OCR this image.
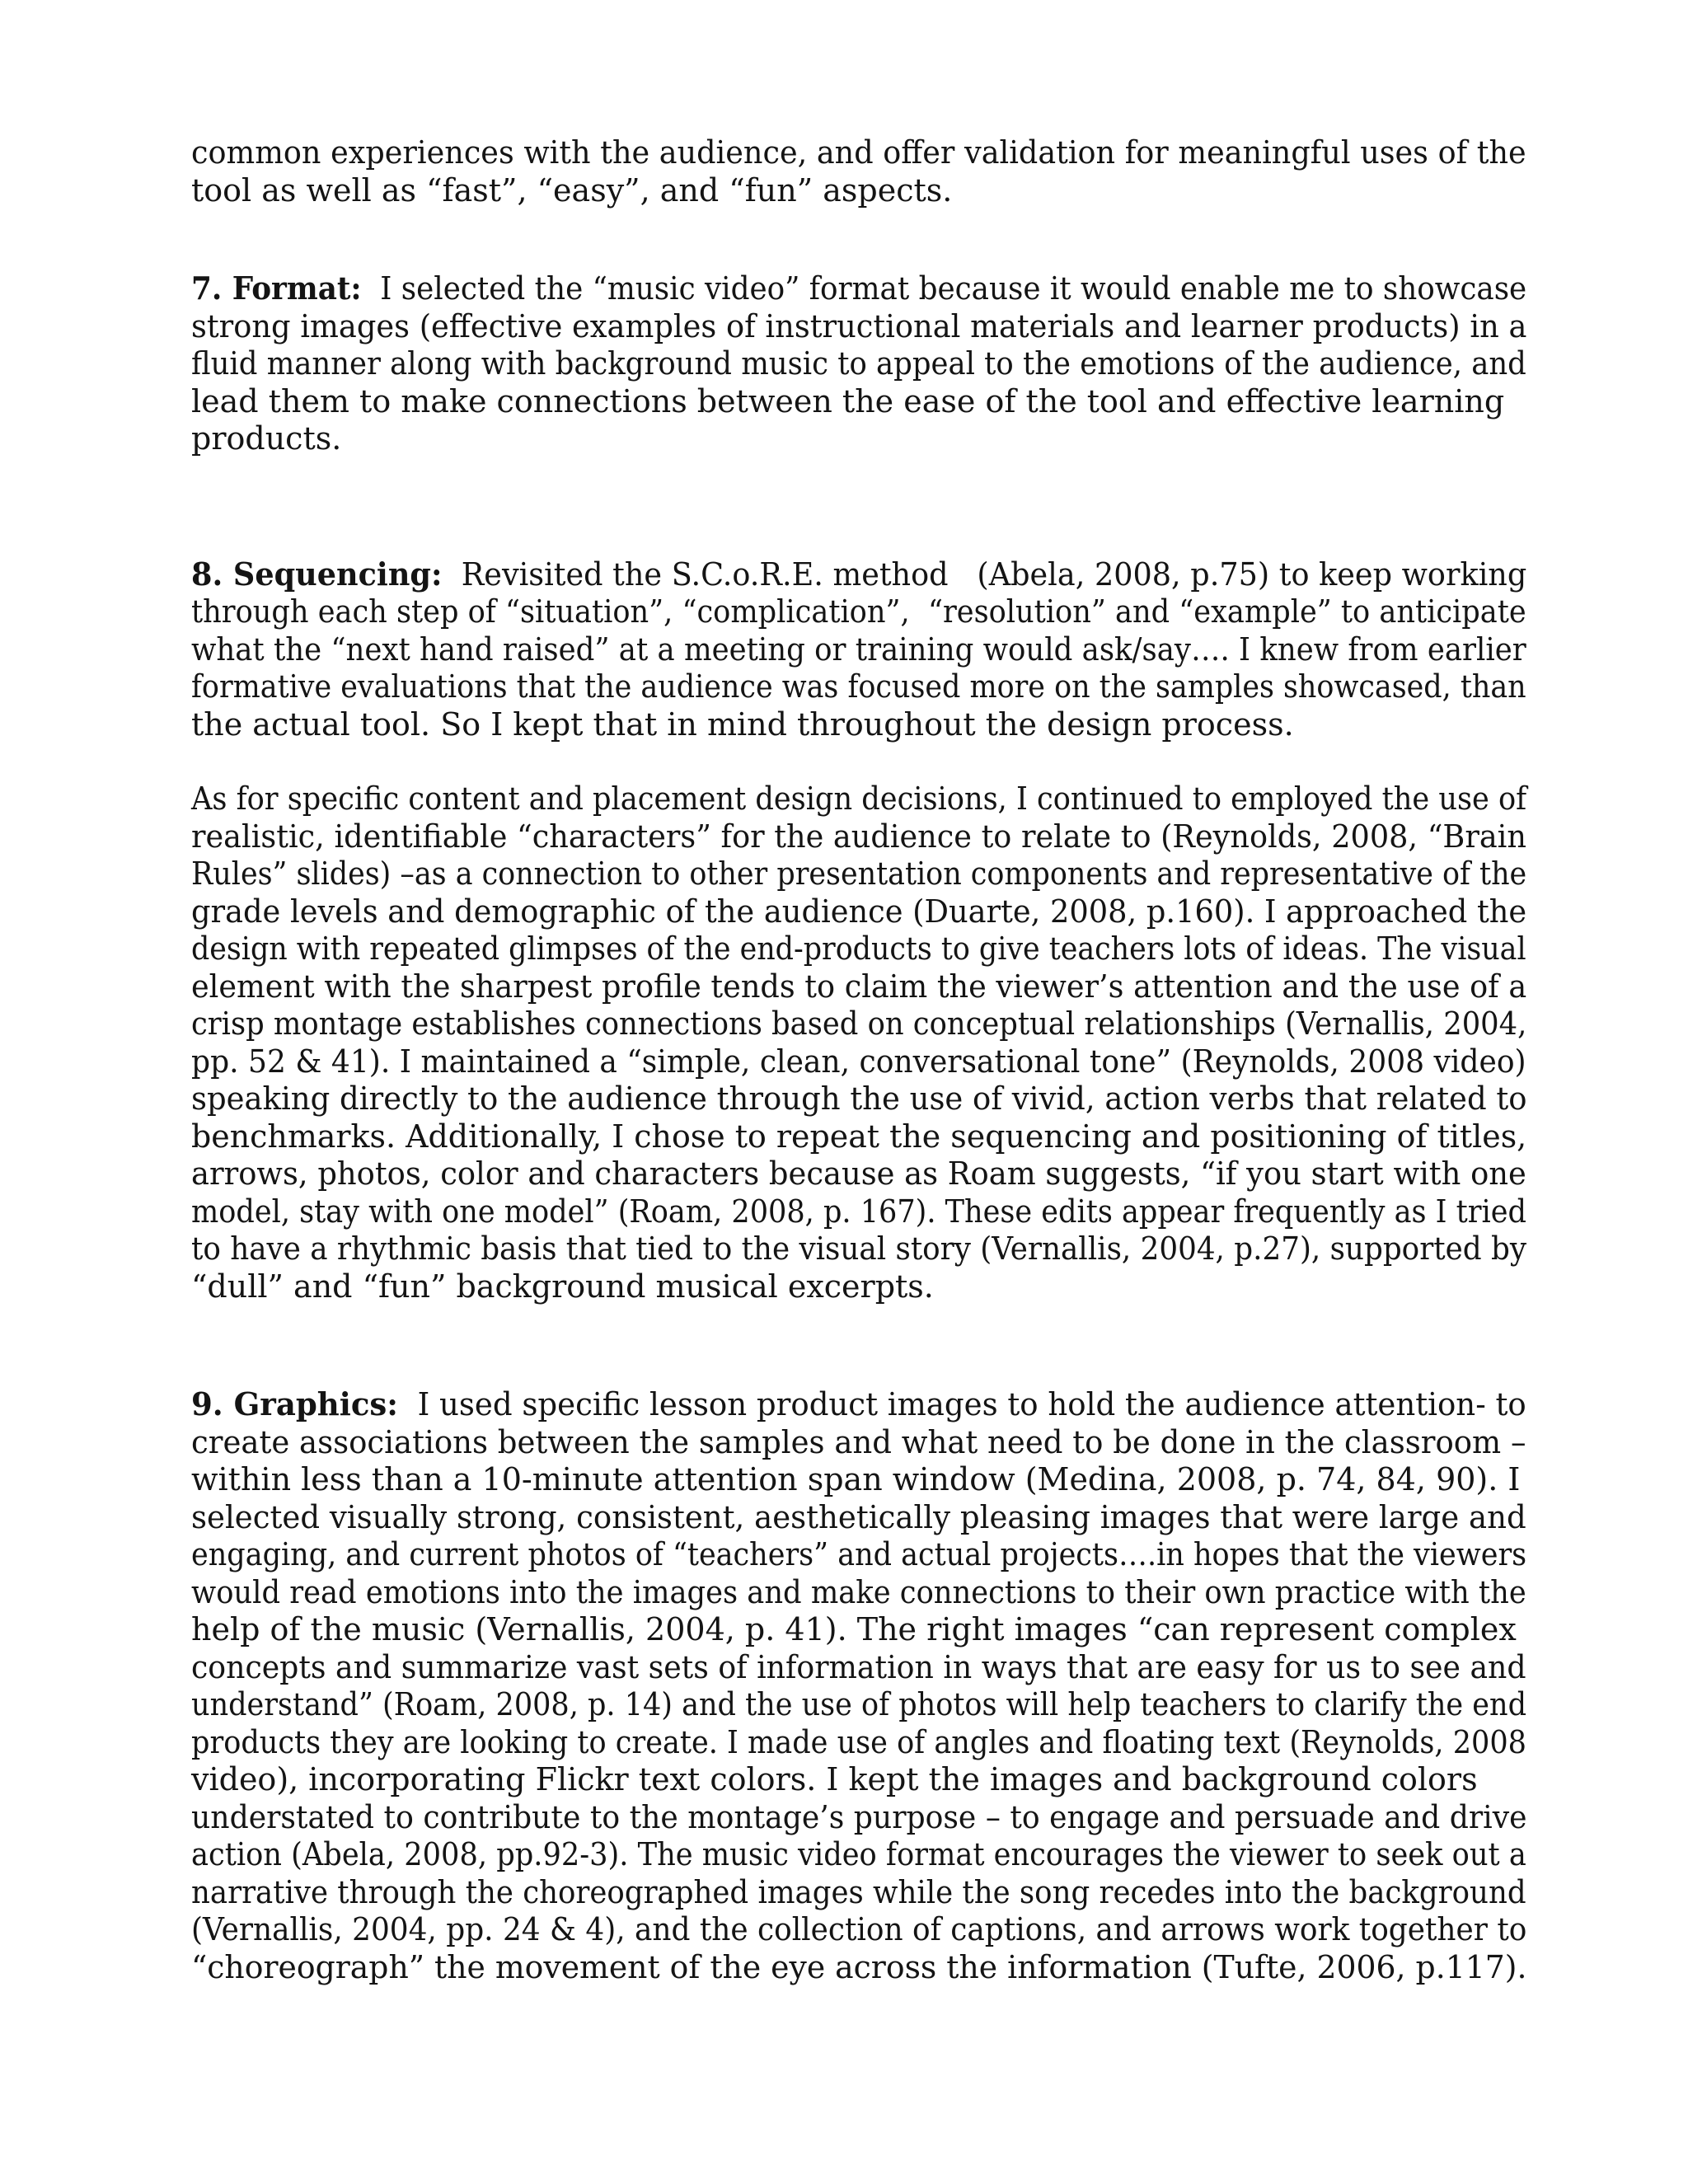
common experiences with the audience, and offer validation for meaningful uses of the
tool as well as “fast”, “easy”, and “fun” aspects.

7. Format:  I selected the “music video” format because it would enable me to showcase
strong images (effective examples of instructional materials and learner products) in a
fluid manner along with background music to appeal to the emotions of the audience, and
lead them to make connections between the ease of the tool and effective learning
products.

8. Sequencing:  Revisited the S.C.o.R.E. method   (Abela, 2008, p.75) to keep working
through each step of “situation”, “complication”,  “resolution” and “example” to anticipate
what the “next hand raised” at a meeting or training would ask/say…. I knew from earlier
formative evaluations that the audience was focused more on the samples showcased, than
the actual tool. So I kept that in mind throughout the design process.

As for specific content and placement design decisions, I continued to employed the use of
realistic, identifiable “characters” for the audience to relate to (Reynolds, 2008, “Brain
Rules” slides) –as a connection to other presentation components and representative of the
grade levels and demographic of the audience (Duarte, 2008, p.160). I approached the
design with repeated glimpses of the end-products to give teachers lots of ideas. The visual
element with the sharpest profile tends to claim the viewer’s attention and the use of a
crisp montage establishes connections based on conceptual relationships (Vernallis, 2004,
pp. 52 & 41). I maintained a “simple, clean, conversational tone” (Reynolds, 2008 video)
speaking directly to the audience through the use of vivid, action verbs that related to
benchmarks. Additionally, I chose to repeat the sequencing and positioning of titles,
arrows, photos, color and characters because as Roam suggests, “if you start with one
model, stay with one model” (Roam, 2008, p. 167). These edits appear frequently as I tried
to have a rhythmic basis that tied to the visual story (Vernallis, 2004, p.27), supported by
“dull” and “fun” background musical excerpts.

9. Graphics:  I used specific lesson product images to hold the audience attention- to
create associations between the samples and what need to be done in the classroom –
within less than a 10-minute attention span window (Medina, 2008, p. 74, 84, 90). I
selected visually strong, consistent, aesthetically pleasing images that were large and
engaging, and current photos of “teachers” and actual projects….in hopes that the viewers
would read emotions into the images and make connections to their own practice with the
help of the music (Vernallis, 2004, p. 41). The right images “can represent complex
concepts and summarize vast sets of information in ways that are easy for us to see and
understand” (Roam, 2008, p. 14) and the use of photos will help teachers to clarify the end
products they are looking to create. I made use of angles and floating text (Reynolds, 2008
video), incorporating Flickr text colors. I kept the images and background colors
understated to contribute to the montage’s purpose – to engage and persuade and drive
action (Abela, 2008, pp.92-3). The music video format encourages the viewer to seek out a
narrative through the choreographed images while the song recedes into the background
(Vernallis, 2004, pp. 24 & 4), and the collection of captions, and arrows work together to
“choreograph” the movement of the eye across the information (Tufte, 2006, p.117).
